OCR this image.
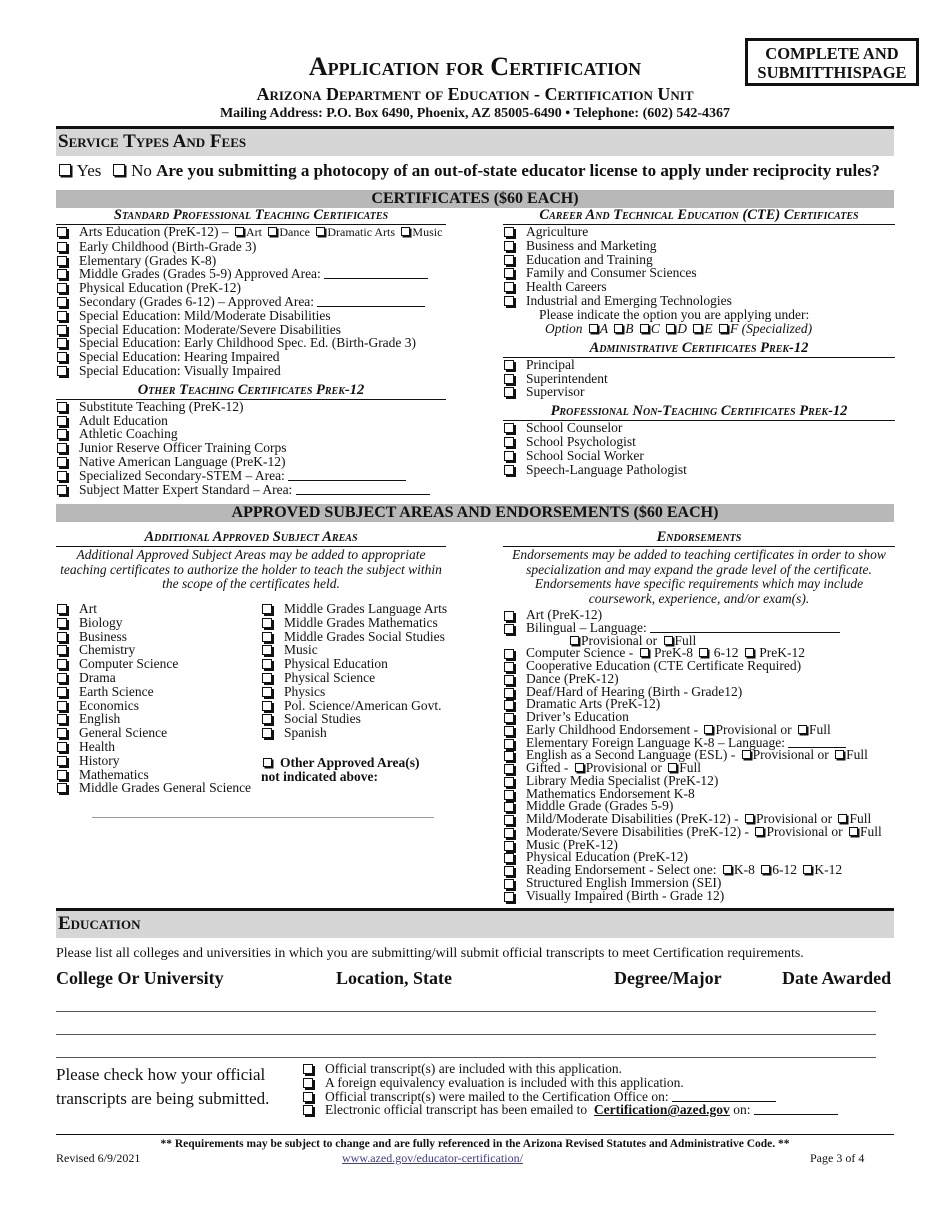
COMPLETE AND
SUBMITTHISPAGE
Application for Certification
Arizona Department of Education - Certification Unit
Mailing Address: P.O. Box 6490, Phoenix, AZ 85005-6490 • Telephone: (602) 542-4367
Service Types And Fees
Yes No Are you submitting a photocopy of an out-of-state educator license to apply under reciprocity rules?
CERTIFICATES ($60 EACH)
Standard Professional Teaching Certificates
Arts Education (PreK-12) – Art Dance Dramatic Arts Music
Early Childhood (Birth-Grade 3)
Elementary (Grades K-8)
Middle Grades (Grades 5-9) Approved Area:
Physical Education (PreK-12)
Secondary (Grades 6-12) – Approved Area:
Special Education: Mild/Moderate Disabilities
Special Education: Moderate/Severe Disabilities
Special Education: Early Childhood Spec. Ed. (Birth-Grade 3)
Special Education: Hearing Impaired
Special Education: Visually Impaired
Other Teaching Certificates Prek-12
Substitute Teaching (PreK-12)
Adult Education
Athletic Coaching
Junior Reserve Officer Training Corps
Native American Language (PreK-12)
Specialized Secondary-STEM – Area:
Subject Matter Expert Standard – Area:
Career And Technical Education (CTE) Certificates
Agriculture
Business and Marketing
Education and Training
Family and Consumer Sciences
Health Careers
Industrial and Emerging Technologies
Please indicate the option you are applying under:
Option A B C D E F (Specialized)
Administrative Certificates Prek-12
Principal
Superintendent
Supervisor
Professional Non-Teaching Certificates Prek-12
School Counselor
School Psychologist
School Social Worker
Speech-Language Pathologist
APPROVED SUBJECT AREAS AND ENDORSEMENTS ($60 EACH)
Additional Approved Subject Areas
Additional Approved Subject Areas may be added to appropriate teaching certificates to authorize the holder to teach the subject within the scope of the certificates held.
Art
Biology
Business
Chemistry
Computer Science
Drama
Earth Science
Economics
English
General Science
Health
History
Mathematics
Middle Grades General Science
Middle Grades Language Arts
Middle Grades Mathematics
Middle Grades Social Studies
Music
Physical Education
Physical Science
Physics
Pol. Science/American Govt.
Social Studies
Spanish
Other Approved Area(s)
not indicated above:
Endorsements
Endorsements may be added to teaching certificates in order to show specialization and may expand the grade level of the certificate. Endorsements have specific requirements which may include coursework, experience, and/or exam(s).
Art (PreK-12)
Bilingual – Language:
Provisional or Full
Computer Science - PreK-8 6-12 PreK-12
Cooperative Education (CTE Certificate Required)
Dance (PreK-12)
Deaf/Hard of Hearing (Birth - Grade12)
Dramatic Arts (PreK-12)
Driver’s Education
Early Childhood Endorsement - Provisional or Full
Elementary Foreign Language K-8 – Language:
English as a Second Language (ESL) - Provisional or Full
Gifted - Provisional or Full
Library Media Specialist (PreK-12)
Mathematics Endorsement K-8
Middle Grade (Grades 5-9)
Mild/Moderate Disabilities (PreK-12) - Provisional or Full
Moderate/Severe Disabilities (PreK-12) - Provisional or Full
Music (PreK-12)
Physical Education (PreK-12)
Reading Endorsement - Select one: K-8 6-12 K-12
Structured English Immersion (SEI)
Visually Impaired (Birth - Grade 12)
Education
Please list all colleges and universities in which you are submitting/will submit official transcripts to meet Certification requirements.
College Or University	Location, State	Degree/Major	Date Awarded
Please check how your official
transcripts are being submitted.
Official transcript(s) are included with this application.
A foreign equivalency evaluation is included with this application.
Official transcript(s) were mailed to the Certification Office on:
Electronic official transcript has been emailed to Certification@azed.gov on:
** Requirements may be subject to change and are fully referenced in the Arizona Revised Statutes and Administrative Code. **
Revised 6/9/2021	www.azed.gov/educator-certification/	Page 3 of 4
